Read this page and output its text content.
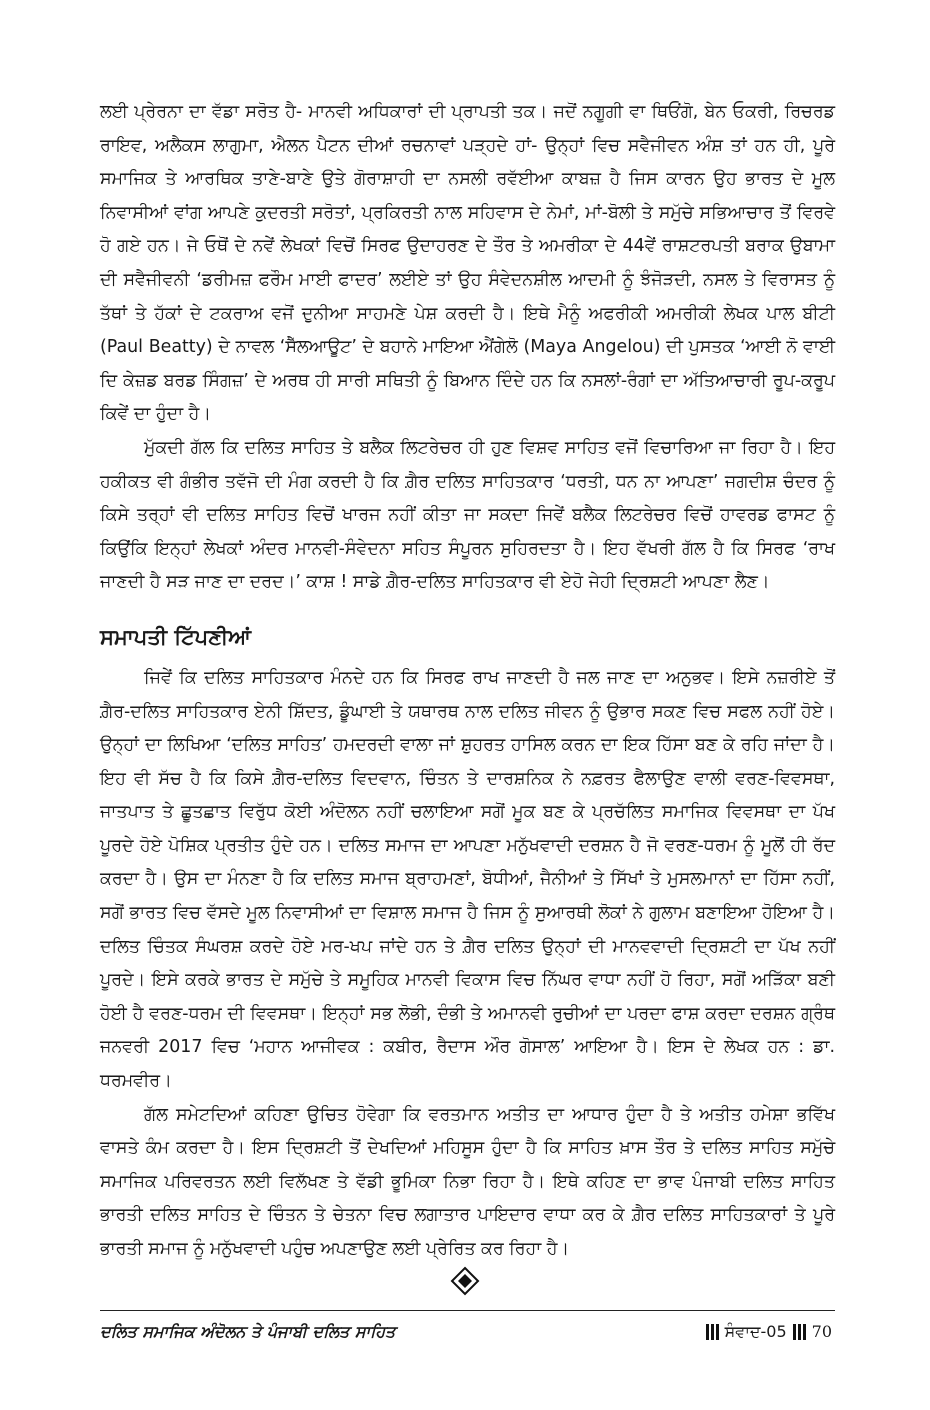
ਲਈ ਪ੍ਰੇਰਨਾ ਦਾ ਵੱਡਾ ਸਰੋਤ ਹੈ- ਮਾਨਵੀ ਅਧਿਕਾਰਾਂ ਦੀ ਪ੍ਰਾਪਤੀ ਤਕ। ਜਦੋਂ ਨਗੂਗੀ ਵਾ ਥਿਓਂਗੋ, ਬੇਨ ਓਕਰੀ, ਰਿਚਰਡ ਰਾਇਵ, ਅਲੈਕਸ ਲਾਗੁਮਾ, ਐਲਨ ਪੈਟਨ ਦੀਆਂ ਰਚਨਾਵਾਂ ਪੜ੍ਹਦੇ ਹਾਂ- ਉਨ੍ਹਾਂ ਵਿਚ ਸਵੈਜੀਵਨ ਅੰਸ਼ ਤਾਂ ਹਨ ਹੀ, ਪੂਰੇ ਸਮਾਜਿਕ ਤੇ ਆਰਥਿਕ ਤਾਣੇ-ਬਾਣੇ ਉਤੇ ਗੋਰਾਸ਼ਾਹੀ ਦਾ ਨਸਲੀ ਰਵੱਈਆ ਕਾਬਜ਼ ਹੈ ਜਿਸ ਕਾਰਨ ਉਹ ਭਾਰਤ ਦੇ ਮੂਲ ਨਿਵਾਸੀਆਂ ਵਾਂਗ ਆਪਣੇ ਕੁਦਰਤੀ ਸਰੋਤਾਂ, ਪ੍ਰਕਿਰਤੀ ਨਾਲ ਸਹਿਵਾਸ ਦੇ ਨੇਮਾਂ, ਮਾਂ-ਬੋਲੀ ਤੇ ਸਮੁੱਚੇ ਸਭਿਆਚਾਰ ਤੋਂ ਵਿਰਵੇ ਹੋ ਗਏ ਹਨ। ਜੇ ਓਥੋਂ ਦੇ ਨਵੇਂ ਲੇਖਕਾਂ ਵਿਚੋਂ ਸਿਰਫ ਉਦਾਹਰਣ ਦੇ ਤੌਰ ਤੇ ਅਮਰੀਕਾ ਦੇ 44ਵੇਂ ਰਾਸ਼ਟਰਪਤੀ ਬਰਾਕ ਉਬਾਮਾ ਦੀ ਸਵੈਜੀਵਨੀ ‘ਡਰੀਮਜ਼ ਫਰੌਮ ਮਾਈ ਫਾਦਰ’ ਲਈਏ ਤਾਂ ਉਹ ਸੰਵੇਦਨਸ਼ੀਲ ਆਦਮੀ ਨੂੰ ਝੰਜੋੜਦੀ, ਨਸਲ ਤੇ ਵਿਰਾਸਤ ਨੂੰ ਤੱਥਾਂ ਤੇ ਹੱਕਾਂ ਦੇ ਟਕਰਾਅ ਵਜੋਂ ਦੁਨੀਆ ਸਾਹਮਣੇ ਪੇਸ਼ ਕਰਦੀ ਹੈ। ਇਥੇ ਮੈਨੂੰ ਅਫਰੀਕੀ ਅਮਰੀਕੀ ਲੇਖਕ ਪਾਲ ਬੀਟੀ (Paul Beatty) ਦੇ ਨਾਵਲ ‘ਸੈੱਲਆਊਟ’ ਦੇ ਬਹਾਨੇ ਮਾਇਆ ਐਂਗੇਲੋ (Maya Angelou) ਦੀ ਪੁਸਤਕ ‘ਆਈ ਨੋ ਵਾਈ ਦਿ ਕੇਜ਼ਡ ਬਰਡ ਸਿੰਗਜ਼’ ਦੇ ਅਰਥ ਹੀ ਸਾਰੀ ਸਥਿਤੀ ਨੂੰ ਬਿਆਨ ਦਿੰਦੇ ਹਨ ਕਿ ਨਸਲਾਂ-ਰੰਗਾਂ ਦਾ ਅੱਤਿਆਚਾਰੀ ਰੂਪ-ਕਰੂਪ ਕਿਵੇਂ ਦਾ ਹੁੰਦਾ ਹੈ।

ਮੁੱਕਦੀ ਗੱਲ ਕਿ ਦਲਿਤ ਸਾਹਿਤ ਤੇ ਬਲੈਕ ਲਿਟਰੇਚਰ ਹੀ ਹੁਣ ਵਿਸ਼ਵ ਸਾਹਿਤ ਵਜੋਂ ਵਿਚਾਰਿਆ ਜਾ ਰਿਹਾ ਹੈ। ਇਹ ਹਕੀਕਤ ਵੀ ਗੰਭੀਰ ਤਵੱਜੋ ਦੀ ਮੰਗ ਕਰਦੀ ਹੈ ਕਿ ਗ਼ੈਰ ਦਲਿਤ ਸਾਹਿਤਕਾਰ ‘ਧਰਤੀ, ਧਨ ਨਾ ਆਪਣਾ’ ਜਗਦੀਸ਼ ਚੰਦਰ ਨੂੰ ਕਿਸੇ ਤਰ੍ਹਾਂ ਵੀ ਦਲਿਤ ਸਾਹਿਤ ਵਿਚੋਂ ਖਾਰਜ ਨਹੀਂ ਕੀਤਾ ਜਾ ਸਕਦਾ ਜਿਵੇਂ ਬਲੈਕ ਲਿਟਰੇਚਰ ਵਿਚੋਂ ਹਾਵਰਡ ਫਾਸਟ ਨੂੰ ਕਿਉਂਕਿ ਇਨ੍ਹਾਂ ਲੇਖਕਾਂ ਅੰਦਰ ਮਾਨਵੀ-ਸੰਵੇਦਨਾ ਸਹਿਤ ਸੰਪੂਰਨ ਸੁਹਿਰਦਤਾ ਹੈ। ਇਹ ਵੱਖਰੀ ਗੱਲ ਹੈ ਕਿ ਸਿਰਫ ‘ਰਾਖ ਜਾਣਦੀ ਹੈ ਸੜ ਜਾਣ ਦਾ ਦਰਦ।’ ਕਾਸ਼ ! ਸਾਡੇ ਗ਼ੈਰ-ਦਲਿਤ ਸਾਹਿਤਕਾਰ ਵੀ ਏਹੋ ਜੇਹੀ ਦ੍ਰਿਸ਼ਟੀ ਆਪਣਾ ਲੈਣ।

ਸਮਾਪਤੀ ਟਿੱਪਣੀਆਂ

ਜਿਵੇਂ ਕਿ ਦਲਿਤ ਸਾਹਿਤਕਾਰ ਮੰਨਦੇ ਹਨ ਕਿ ਸਿਰਫ ਰਾਖ ਜਾਣਦੀ ਹੈ ਜਲ ਜਾਣ ਦਾ ਅਨੁਭਵ। ਇਸੇ ਨਜ਼ਰੀਏ ਤੋਂ ਗ਼ੈਰ-ਦਲਿਤ ਸਾਹਿਤਕਾਰ ਏਨੀ ਸ਼ਿੱਦਤ, ਡੂੰਘਾਈ ਤੇ ਯਥਾਰਥ ਨਾਲ ਦਲਿਤ ਜੀਵਨ ਨੂੰ ਉਭਾਰ ਸਕਣ ਵਿਚ ਸਫਲ ਨਹੀਂ ਹੋਏ। ਉਨ੍ਹਾਂ ਦਾ ਲਿਖਿਆ ‘ਦਲਿਤ ਸਾਹਿਤ’ ਹਮਦਰਦੀ ਵਾਲਾ ਜਾਂ ਸ਼ੁਹਰਤ ਹਾਸਿਲ ਕਰਨ ਦਾ ਇਕ ਹਿੱਸਾ ਬਣ ਕੇ ਰਹਿ ਜਾਂਦਾ ਹੈ। ਇਹ ਵੀ ਸੱਚ ਹੈ ਕਿ ਕਿਸੇ ਗ਼ੈਰ-ਦਲਿਤ ਵਿਦਵਾਨ, ਚਿੰਤਨ ਤੇ ਦਾਰਸ਼ਨਿਕ ਨੇ ਨਫ਼ਰਤ ਫੈਲਾਉਣ ਵਾਲੀ ਵਰਣ-ਵਿਵਸਥਾ, ਜਾਤਪਾਤ ਤੇ ਛੂਤਛਾਤ ਵਿਰੁੱਧ ਕੋਈ ਅੰਦੋਲਨ ਨਹੀਂ ਚਲਾਇਆ ਸਗੋਂ ਮੂਕ ਬਣ ਕੇ ਪ੍ਰਚੱਲਿਤ ਸਮਾਜਿਕ ਵਿਵਸਥਾ ਦਾ ਪੱਖ ਪੂਰਦੇ ਹੋਏ ਪੋਸ਼ਿਕ ਪ੍ਰਤੀਤ ਹੁੰਦੇ ਹਨ। ਦਲਿਤ ਸਮਾਜ ਦਾ ਆਪਣਾ ਮਨੁੱਖਵਾਦੀ ਦਰਸ਼ਨ ਹੈ ਜੋ ਵਰਣ-ਧਰਮ ਨੂੰ ਮੂਲੋਂ ਹੀ ਰੱਦ ਕਰਦਾ ਹੈ। ਉਸ ਦਾ ਮੰਨਣਾ ਹੈ ਕਿ ਦਲਿਤ ਸਮਾਜ ਬ੍ਰਾਹਮਣਾਂ, ਬੋਧੀਆਂ, ਜੈਨੀਆਂ ਤੇ ਸਿੱਖਾਂ ਤੇ ਮੁਸਲਮਾਨਾਂ ਦਾ ਹਿੱਸਾ ਨਹੀਂ, ਸਗੋਂ ਭਾਰਤ ਵਿਚ ਵੱਸਦੇ ਮੂਲ ਨਿਵਾਸੀਆਂ ਦਾ ਵਿਸ਼ਾਲ ਸਮਾਜ ਹੈ ਜਿਸ ਨੂੰ ਸੁਆਰਥੀ ਲੋਕਾਂ ਨੇ ਗੁਲਾਮ ਬਣਾਇਆ ਹੋਇਆ ਹੈ। ਦਲਿਤ ਚਿੰਤਕ ਸੰਘਰਸ਼ ਕਰਦੇ ਹੋਏ ਮਰ-ਖਪ ਜਾਂਦੇ ਹਨ ਤੇ ਗ਼ੈਰ ਦਲਿਤ ਉਨ੍ਹਾਂ ਦੀ ਮਾਨਵਵਾਦੀ ਦ੍ਰਿਸ਼ਟੀ ਦਾ ਪੱਖ ਨਹੀਂ ਪੂਰਦੇ। ਇਸੇ ਕਰਕੇ ਭਾਰਤ ਦੇ ਸਮੁੱਚੇ ਤੇ ਸਮੂਹਿਕ ਮਾਨਵੀ ਵਿਕਾਸ ਵਿਚ ਨਿੱਘਰ ਵਾਧਾ ਨਹੀਂ ਹੋ ਰਿਹਾ, ਸਗੋਂ ਅੜਿੱਕਾ ਬਣੀ ਹੋਈ ਹੈ ਵਰਣ-ਧਰਮ ਦੀ ਵਿਵਸਥਾ। ਇਨ੍ਹਾਂ ਸਭ ਲੋਭੀ, ਦੰਭੀ ਤੇ ਅਮਾਨਵੀ ਰੁਚੀਆਂ ਦਾ ਪਰਦਾ ਫਾਸ਼ ਕਰਦਾ ਦਰਸ਼ਨ ਗ੍ਰੰਥ ਜਨਵਰੀ 2017 ਵਿਚ ‘ਮਹਾਨ ਆਜੀਵਕ : ਕਬੀਰ, ਰੈਦਾਸ ਔਰ ਗੋਸਾਲ’ ਆਇਆ ਹੈ। ਇਸ ਦੇ ਲੇਖਕ ਹਨ : ਡਾ. ਧਰਮਵੀਰ।

ਗੱਲ ਸਮੇਟਦਿਆਂ ਕਹਿਣਾ ਉਚਿਤ ਹੋਵੇਗਾ ਕਿ ਵਰਤਮਾਨ ਅਤੀਤ ਦਾ ਆਧਾਰ ਹੁੰਦਾ ਹੈ ਤੇ ਅਤੀਤ ਹਮੇਸ਼ਾ ਭਵਿੱਖ ਵਾਸਤੇ ਕੰਮ ਕਰਦਾ ਹੈ। ਇਸ ਦ੍ਰਿਸ਼ਟੀ ਤੋਂ ਦੇਖਦਿਆਂ ਮਹਿਸੂਸ ਹੁੰਦਾ ਹੈ ਕਿ ਸਾਹਿਤ ਖ਼ਾਸ ਤੌਰ ਤੇ ਦਲਿਤ ਸਾਹਿਤ ਸਮੁੱਚੇ ਸਮਾਜਿਕ ਪਰਿਵਰਤਨ ਲਈ ਵਿਲੱਖਣ ਤੇ ਵੱਡੀ ਭੂਮਿਕਾ ਨਿਭਾ ਰਿਹਾ ਹੈ। ਇਥੇ ਕਹਿਣ ਦਾ ਭਾਵ ਪੰਜਾਬੀ ਦਲਿਤ ਸਾਹਿਤ ਭਾਰਤੀ ਦਲਿਤ ਸਾਹਿਤ ਦੇ ਚਿੰਤਨ ਤੇ ਚੇਤਨਾ ਵਿਚ ਲਗਾਤਾਰ ਪਾਇਦਾਰ ਵਾਧਾ ਕਰ ਕੇ ਗ਼ੈਰ ਦਲਿਤ ਸਾਹਿਤਕਾਰਾਂ ਤੇ ਪੂਰੇ ਭਾਰਤੀ ਸਮਾਜ ਨੂੰ ਮਨੁੱਖਵਾਦੀ ਪਹੁੰਚ ਅਪਣਾਉਣ ਲਈ ਪ੍ਰੇਰਿਤ ਕਰ ਰਿਹਾ ਹੈ।

ਦਲਿਤ ਸਮਾਜਿਕ ਅੰਦੋਲਨ ਤੇ ਪੰਜਾਬੀ ਦਲਿਤ ਸਾਹਿਤ	ਸੰਵਾਦ-05 70
